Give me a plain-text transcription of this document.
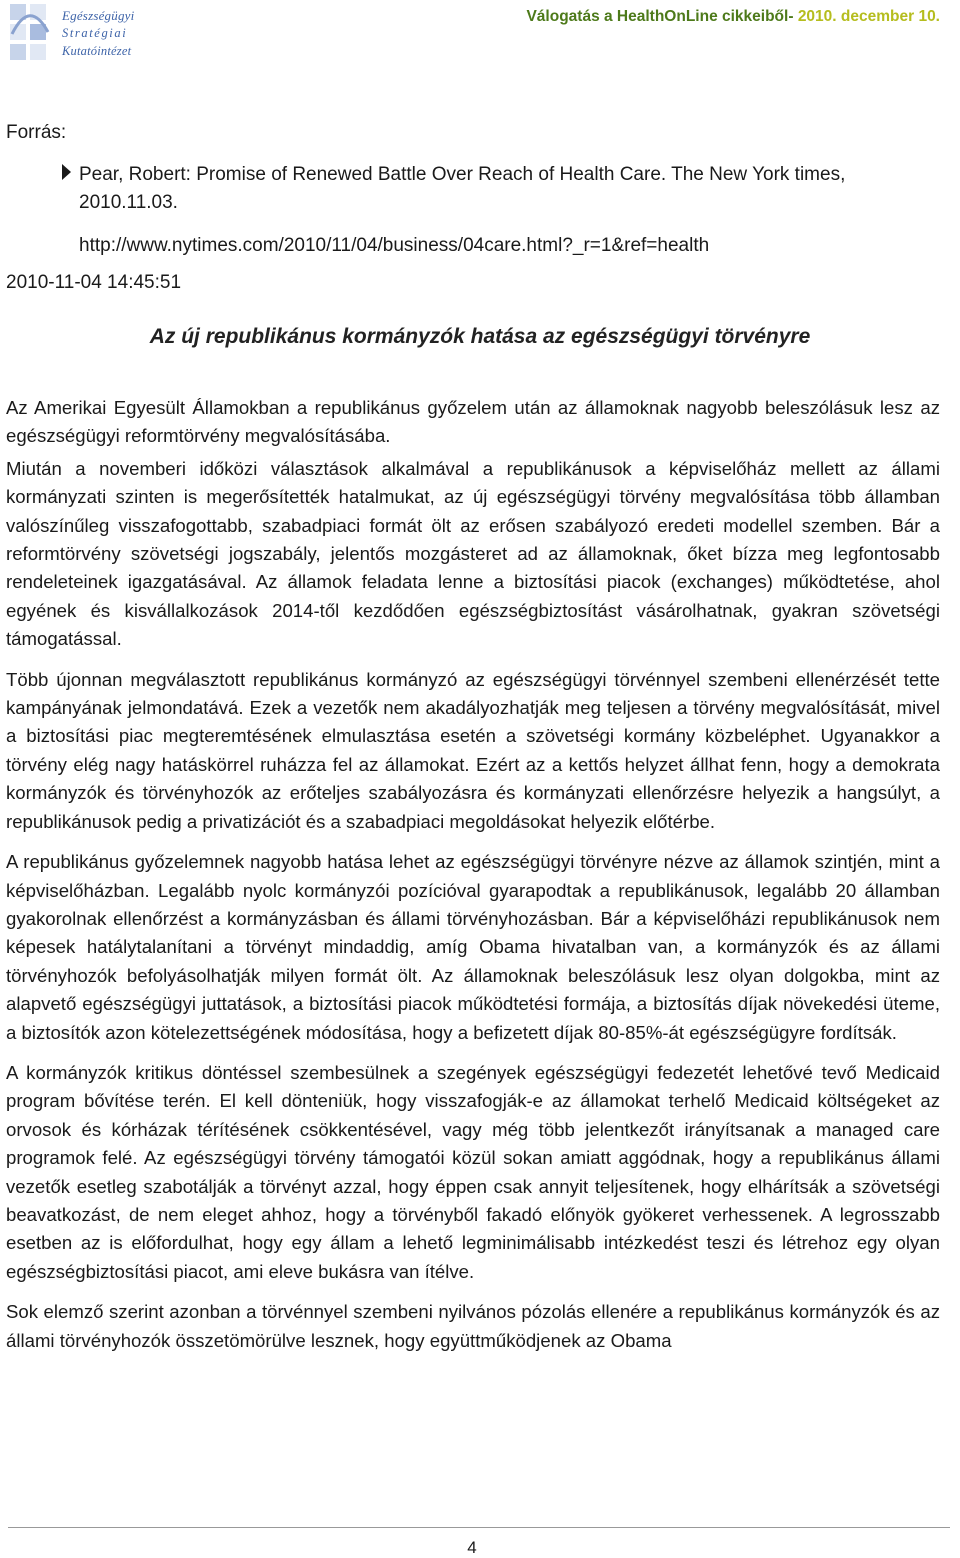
Egészségügyi
Stratégiai
Kutatóintézet
Válogatás a HealthOnLine cikkeiből- 2010. december 10.
Forrás:
Pear, Robert: Promise of Renewed Battle Over Reach of Health Care. The New York times, 2010.11.03.
http://www.nytimes.com/2010/11/04/business/04care.html?_r=1&ref=health
2010-11-04 14:45:51
Az új republikánus kormányzók hatása az egészségügyi törvényre

Az Amerikai Egyesült Államokban a republikánus győzelem után az államoknak nagyobb beleszólásuk lesz az egészségügyi reformtörvény megvalósításába.

Miután a novemberi időközi választások alkalmával a republikánusok a képviselőház mellett az állami kormányzati szinten is megerősítették hatalmukat, az új egészségügyi törvény megvalósítása több államban valószínűleg visszafogottabb, szabadpiaci formát ölt az erősen szabályozó eredeti modellel szemben. Bár a reformtörvény szövetségi jogszabály, jelentős mozgásteret ad az államoknak, őket bízza meg legfontosabb rendeleteinek igazgatásával. Az államok feladata lenne a biztosítási piacok (exchanges) működtetése, ahol egyének és kisvállalkozások 2014-től kezdődően egészségbiztosítást vásárolhatnak, gyakran szövetségi támogatással.

Több újonnan megválasztott republikánus kormányzó az egészségügyi törvénnyel szembeni ellenérzését tette kampányának jelmondatává. Ezek a vezetők nem akadályozhatják meg teljesen a törvény megvalósítását, mivel a biztosítási piac megteremtésének elmulasztása esetén a szövetségi kormány közbeléphet. Ugyanakkor a törvény elég nagy hatáskörrel ruházza fel az államokat. Ezért az a kettős helyzet állhat fenn, hogy a demokrata kormányzók és törvényhozók az erőteljes szabályozásra és kormányzati ellenőrzésre helyezik a hangsúlyt, a republikánusok pedig a privatizációt és a szabadpiaci megoldásokat helyezik előtérbe.

A republikánus győzelemnek nagyobb hatása lehet az egészségügyi törvényre nézve az államok szintjén, mint a képviselőházban. Legalább nyolc kormányzói pozícióval gyarapodtak a republikánusok, legalább 20 államban gyakorolnak ellenőrzést a kormányzásban és állami törvényhozásban. Bár a képviselőházi republikánusok nem képesek hatálytalanítani a törvényt mindaddig, amíg Obama hivatalban van, a kormányzók és az állami törvényhozók befolyásolhatják milyen formát ölt. Az államoknak beleszólásuk lesz olyan dolgokba, mint az alapvető egészségügyi juttatások, a biztosítási piacok működtetési formája, a biztosítás díjak növekedési üteme, a biztosítók azon kötelezettségének módosítása, hogy a befizetett díjak 80-85%-át egészségügyre fordítsák.

A kormányzók kritikus döntéssel szembesülnek a szegények egészségügyi fedezetét lehetővé tevő Medicaid program bővítése terén. El kell dönteniük, hogy visszafogják-e az államokat terhelő Medicaid költségeket az orvosok és kórházak térítésének csökkentésével, vagy még több jelentkezőt irányítsanak a managed care programok felé. Az egészségügyi törvény támogatói közül sokan amiatt aggódnak, hogy a republikánus állami vezetők esetleg szabotálják a törvényt azzal, hogy éppen csak annyit teljesítenek, hogy elhárítsák a szövetségi beavatkozást, de nem eleget ahhoz, hogy a törvényből fakadó előnyök gyökeret verhessenek. A legrosszabb esetben az is előfordulhat, hogy egy állam a lehető legminimálisabb intézkedést teszi és létrehoz egy olyan egészségbiztosítási piacot, ami eleve bukásra van ítélve.

Sok elemző szerint azonban a törvénnyel szembeni nyilvános pózolás ellenére a republikánus kormányzók és az állami törvényhozók összetömörülve lesznek, hogy együttműködjenek az Obama

4
